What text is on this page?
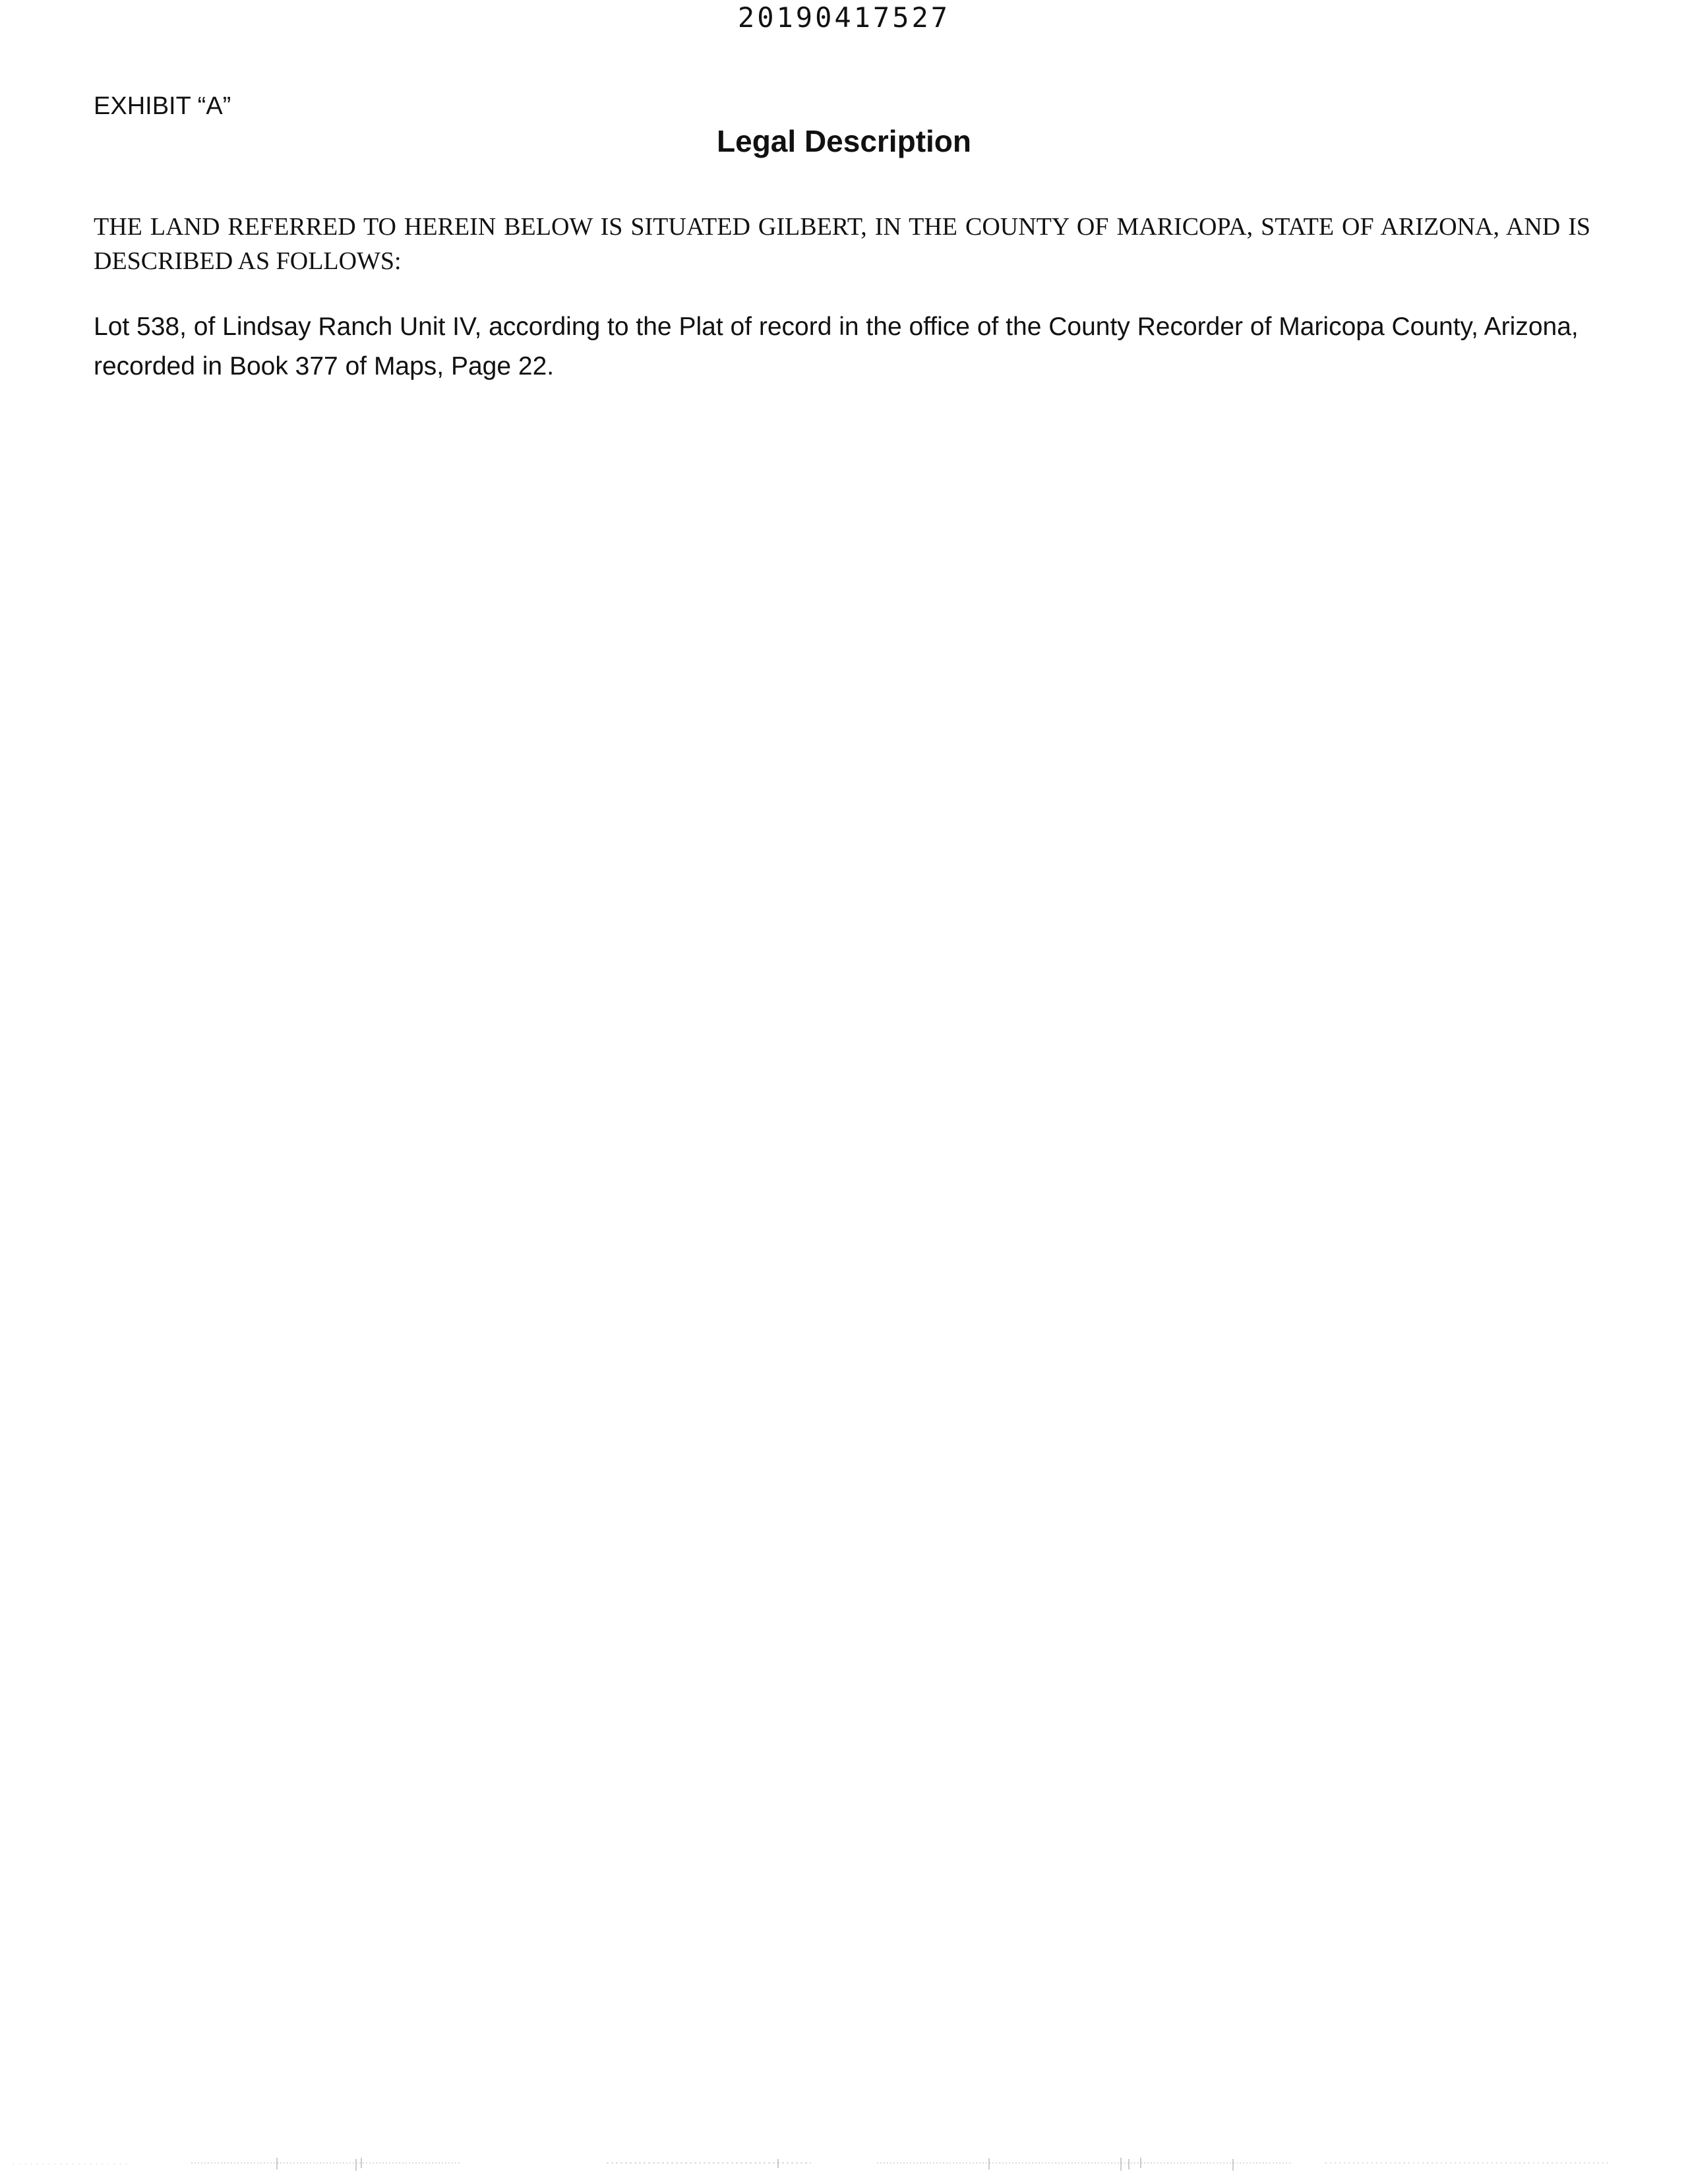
20190417527
EXHIBIT “A”
Legal Description
THE LAND REFERRED TO HEREIN BELOW IS SITUATED GILBERT, IN THE COUNTY OF MARICOPA, STATE OF ARIZONA, AND IS DESCRIBED AS FOLLOWS:
Lot 538, of Lindsay Ranch Unit IV, according to the Plat of record in the office of the County Recorder of Maricopa County, Arizona, recorded in Book 377 of Maps, Page 22.
